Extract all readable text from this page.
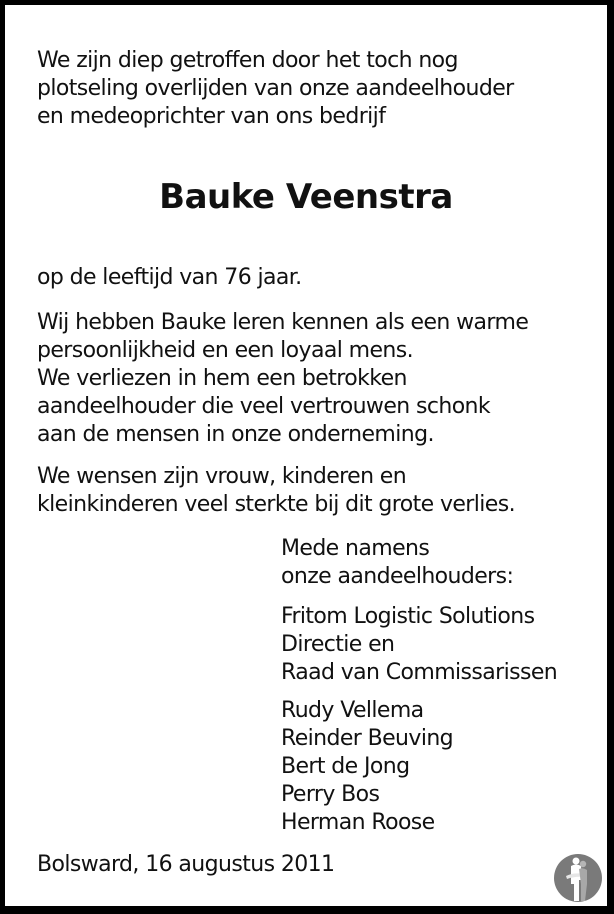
We zijn diep getroffen door het toch nog
plotseling overlijden van onze aandeelhouder
en medeoprichter van ons bedrijf
Bauke Veenstra
op de leeftijd van 76 jaar.
Wij hebben Bauke leren kennen als een warme
persoonlijkheid en een loyaal mens.
We verliezen in hem een betrokken
aandeelhouder die veel vertrouwen schonk
aan de mensen in onze onderneming.
We wensen zijn vrouw, kinderen en
kleinkinderen veel sterkte bij dit grote verlies.
Mede namens
onze aandeelhouders:
Fritom Logistic Solutions
Directie en
Raad van Commissarissen
Rudy Vellema
Reinder Beuving
Bert de Jong
Perry Bos
Herman Roose
Bolsward, 16 augustus 2011
